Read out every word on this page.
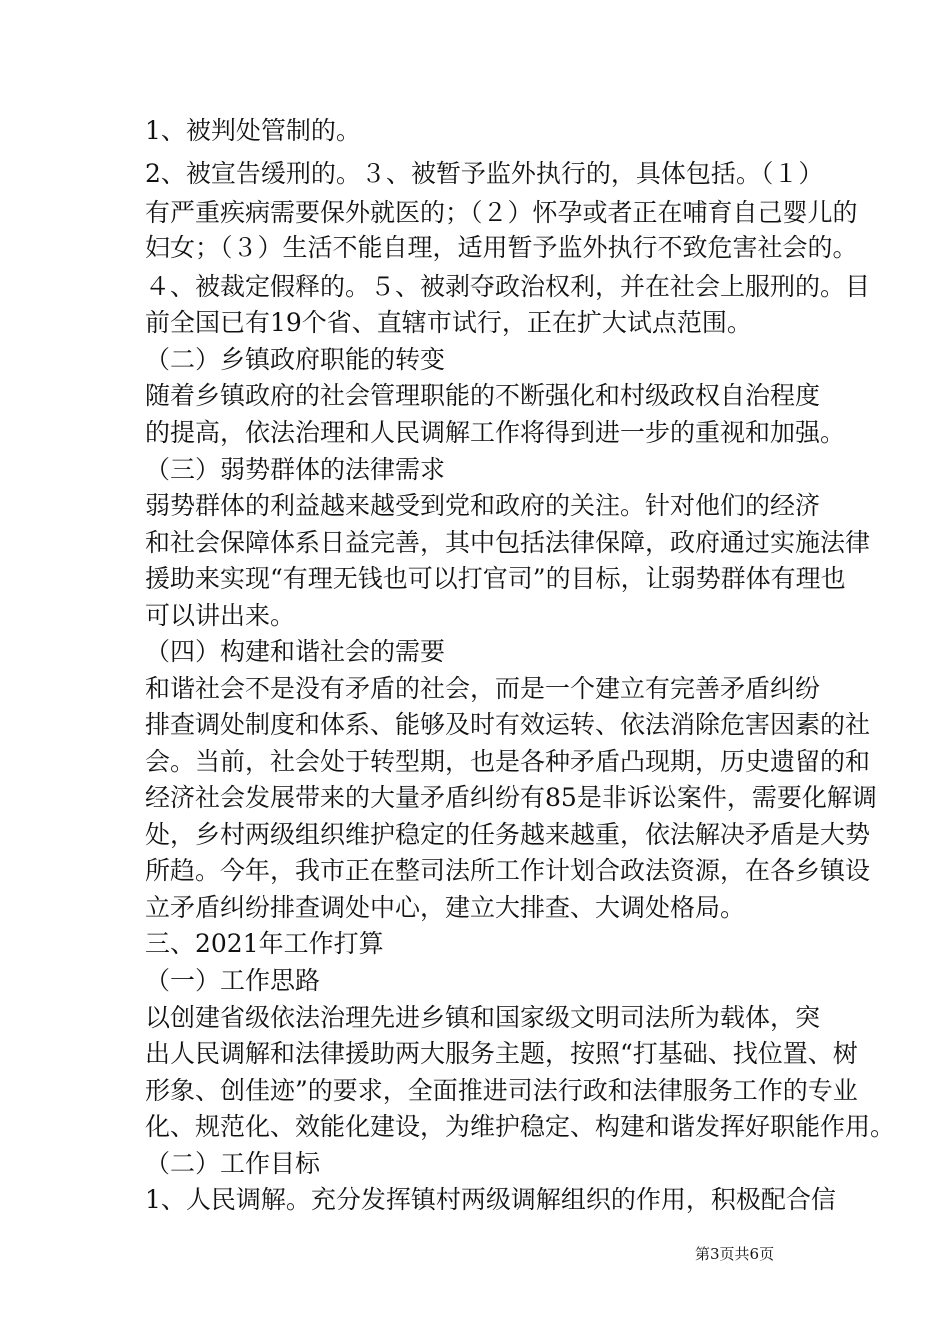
1、被判处管制的。
2、被宣告缓刑的。３、被暂予监外执行的，具体包括。（１）
有严重疾病需要保外就医的；（２）怀孕或者正在哺育自己婴儿的
妇女；（３）生活不能自理，适用暂予监外执行不致危害社会的。
４、被裁定假释的。５、被剥夺政治权利，并在社会上服刑的。目
前全国已有19个省、直辖市试行，正在扩大试点范围。
（二）乡镇政府职能的转变
随着乡镇政府的社会管理职能的不断强化和村级政权自治程度
的提高，依法治理和人民调解工作将得到进一步的重视和加强。
（三）弱势群体的法律需求
弱势群体的利益越来越受到党和政府的关注。针对他们的经济
和社会保障体系日益完善，其中包括法律保障，政府通过实施法律
援助来实现“有理无钱也可以打官司”的目标，让弱势群体有理也
可以讲出来。
（四）构建和谐社会的需要
和谐社会不是没有矛盾的社会，而是一个建立有完善矛盾纠纷
排查调处制度和体系、能够及时有效运转、依法消除危害因素的社
会。当前，社会处于转型期，也是各种矛盾凸现期，历史遗留的和
经济社会发展带来的大量矛盾纠纷有85是非诉讼案件，需要化解调
处，乡村两级组织维护稳定的任务越来越重，依法解决矛盾是大势
所趋。今年，我市正在整司法所工作计划合政法资源，在各乡镇设
立矛盾纠纷排查调处中心，建立大排查、大调处格局。
三、2021年工作打算
（一）工作思路
以创建省级依法治理先进乡镇和国家级文明司法所为载体，突
出人民调解和法律援助两大服务主题，按照“打基础、找位置、树
形象、创佳迹”的要求，全面推进司法行政和法律服务工作的专业
化、规范化、效能化建设，为维护稳定、构建和谐发挥好职能作用。
（二）工作目标
1、人民调解。充分发挥镇村两级调解组织的作用，积极配合信
第3页共6页
